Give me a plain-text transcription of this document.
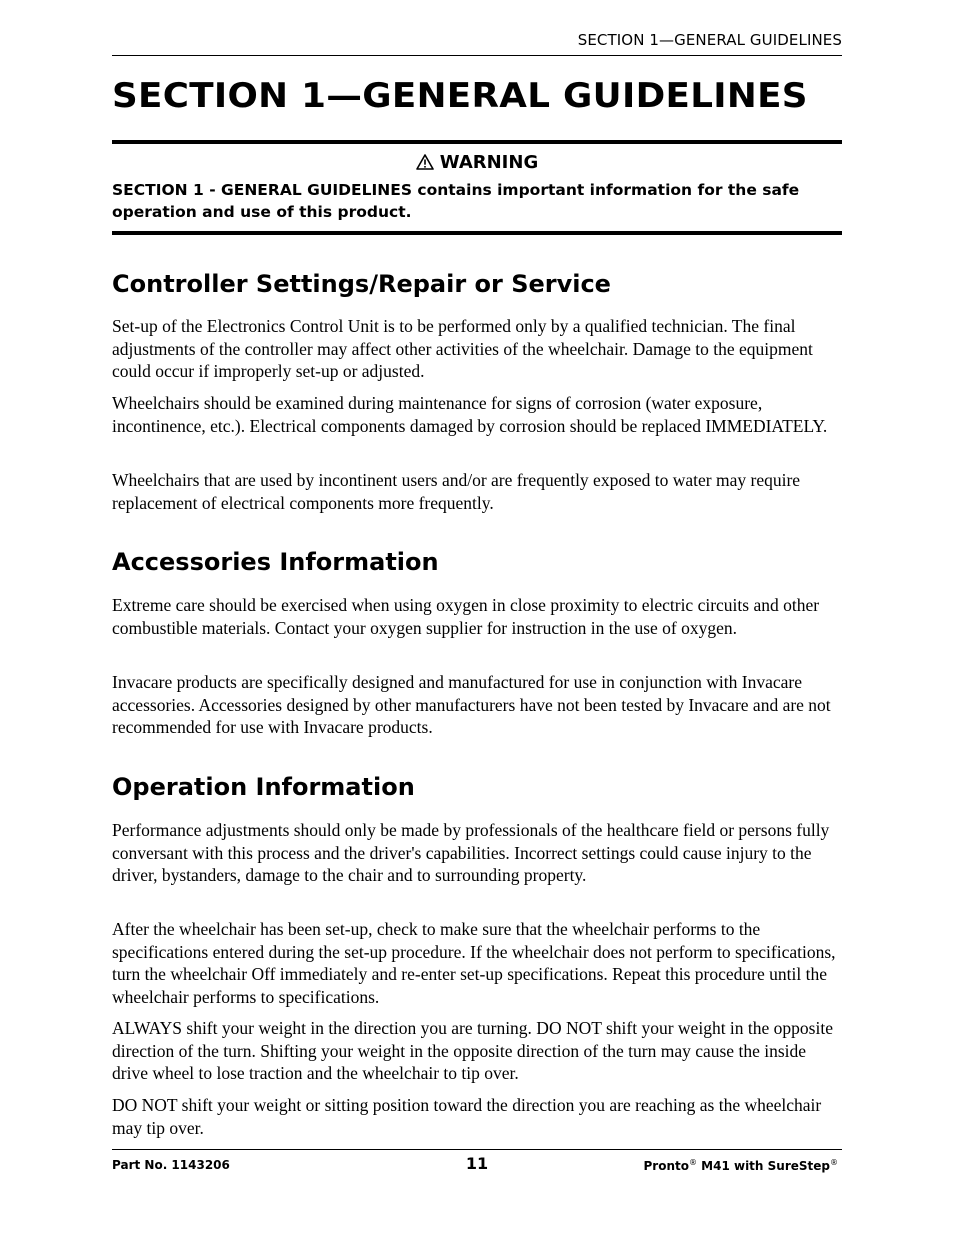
SECTION 1—GENERAL GUIDELINES
SECTION 1—GENERAL GUIDELINES
WARNING

SECTION 1 - GENERAL GUIDELINES contains important information for the safe operation and use of this product.

Controller Settings/Repair or Service

Set-up of the Electronics Control Unit is to be performed only by a qualified technician. The final adjustments of the controller may affect other activities of the wheelchair. Damage to the equipment could occur if improperly set-up or adjusted.

Wheelchairs should be examined during maintenance for signs of corrosion (water exposure, incontinence, etc.). Electrical components damaged by corrosion should be replaced IMMEDIATELY.

Wheelchairs that are used by incontinent users and/or are frequently exposed to water may require replacement of electrical components more frequently.

Accessories Information

Extreme care should be exercised when using oxygen in close proximity to electric circuits and other combustible materials. Contact your oxygen supplier for instruction in the use of oxygen.

Invacare products are specifically designed and manufactured for use in conjunction with Invacare accessories. Accessories designed by other manufacturers have not been tested by Invacare and are not recommended for use with Invacare products.

Operation Information

Performance adjustments should only be made by professionals of the healthcare field or persons fully conversant with this process and the driver's capabilities. Incorrect settings could cause injury to the driver, bystanders, damage to the chair and to surrounding property.

After the wheelchair has been set-up, check to make sure that the wheelchair performs to the specifications entered during the set-up procedure. If the wheelchair does not perform to specifications, turn the wheelchair Off immediately and re-enter set-up specifications. Repeat this procedure until the wheelchair performs to specifications.

ALWAYS shift your weight in the direction you are turning. DO NOT shift your weight in the opposite direction of the turn. Shifting your weight in the opposite direction of the turn may cause the inside drive wheel to lose traction and the wheelchair to tip over.

DO NOT shift your weight or sitting position toward the direction you are reaching as the wheelchair may tip over.

Part No. 1143206	11	Pronto® M41 with SureStep®
